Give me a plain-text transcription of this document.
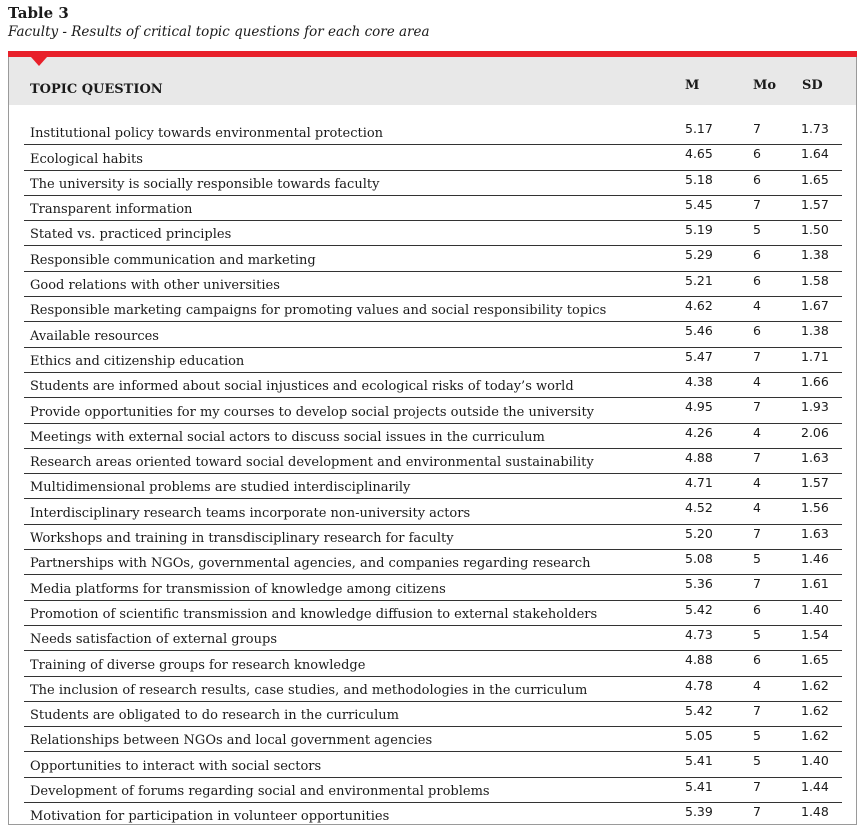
Table 3
Faculty - Results of critical topic questions for each core area
TOPIC QUESTION	M	Mo SD
Institutional policy towards environmental protection	5.17	7	1.73
Ecological habits	4.65	6	1.64
The university is socially responsible towards faculty	5.18	6	1.65
Transparent information	5.45	7	1.57
Stated vs. practiced principles	5.19	5	1.50
Responsible communication and marketing	5.29	6	1.38
Good relations with other universities	5.21	6	1.58
Responsible marketing campaigns for promoting values and social responsibility topics	4.62	4	1.67
Available resources	5.46	6	1.38
Ethics and citizenship education	5.47	7	1.71
Students are informed about social injustices and ecological risks of today’s world	4.38	4	1.66
Provide opportunities for my courses to develop social projects outside the university	4.95	7	1.93
Meetings with external social actors to discuss social issues in the curriculum	4.26	4	2.06
Research areas oriented toward social development and environmental sustainability	4.88	7	1.63
Multidimensional problems are studied interdisciplinarily	4.71	4	1.57
Interdisciplinary research teams incorporate non-university actors	4.52	4	1.56
Workshops and training in transdisciplinary research for faculty	5.20	7	1.63
Partnerships with NGOs, governmental agencies, and companies regarding research	5.08	5	1.46
Media platforms for transmission of knowledge among citizens	5.36	7	1.61
Promotion of scientific transmission and knowledge diffusion to external stakeholders	5.42	6	1.40
Needs satisfaction of external groups	4.73	5	1.54
Training of diverse groups for research knowledge	4.88	6	1.65
The inclusion of research results, case studies, and methodologies in the curriculum	4.78	4	1.62
Students are obligated to do research in the curriculum	5.42	7	1.62
Relationships between NGOs and local government agencies	5.05	5	1.62
Opportunities to interact with social sectors	5.41	5	1.40
Development of forums regarding social and environmental problems	5.41	7	1.44
Motivation for participation in volunteer opportunities	5.39	7	1.48
